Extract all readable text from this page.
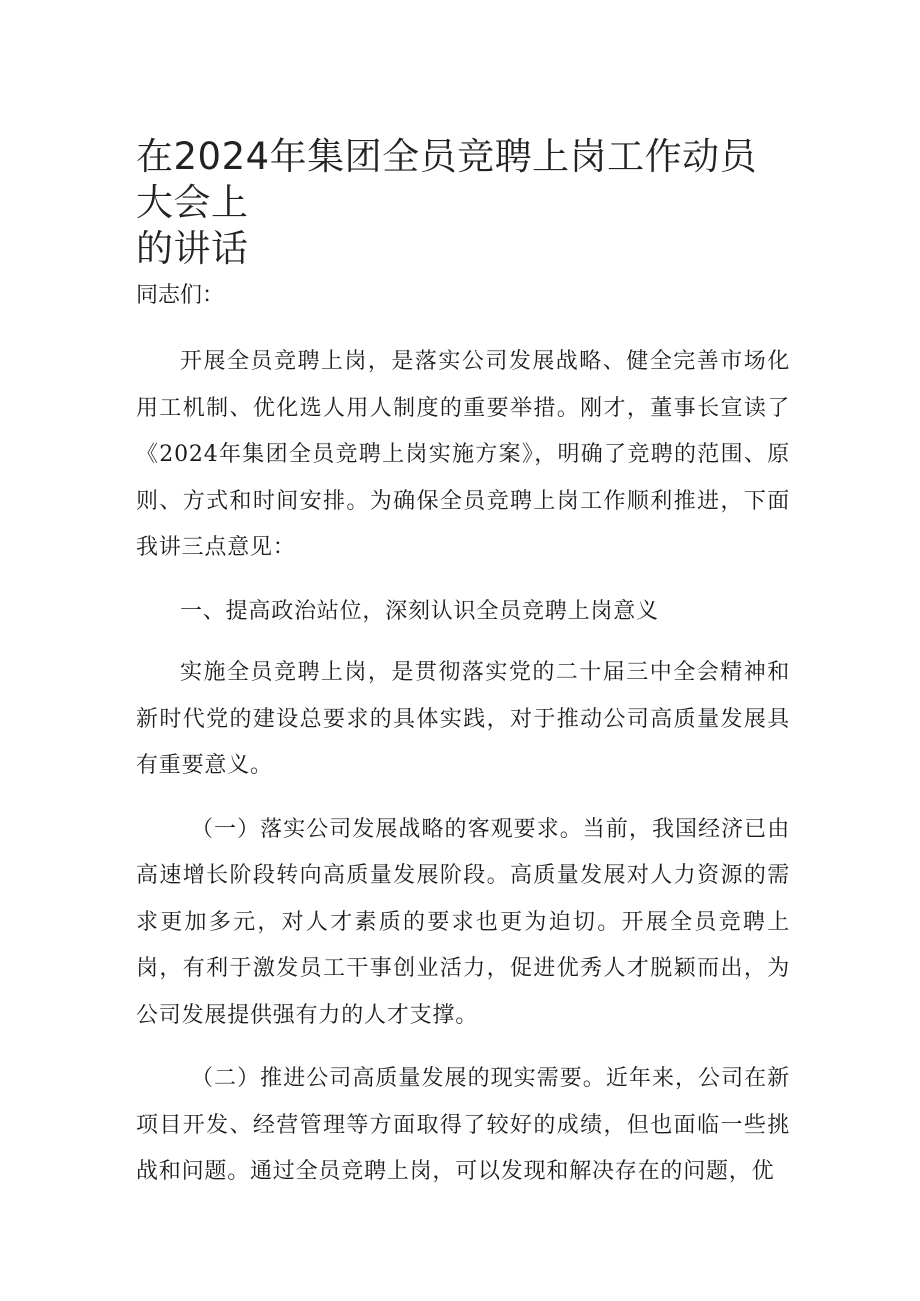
在2024年集团全员竞聘上岗工作动员大会上
的讲话

同志们：

开展全员竞聘上岗，是落实公司发展战略、健全完善市场化用工机制、优化选人用人制度的重要举措。刚才，董事长宣读了《2024年集团全员竞聘上岗实施方案》，明确了竞聘的范围、原则、方式和时间安排。为确保全员竞聘上岗工作顺利推进，下面我讲三点意见：

一、提高政治站位，深刻认识全员竞聘上岗意义

实施全员竞聘上岗，是贯彻落实党的二十届三中全会精神和新时代党的建设总要求的具体实践，对于推动公司高质量发展具有重要意义。

（一）落实公司发展战略的客观要求。当前，我国经济已由高速增长阶段转向高质量发展阶段。高质量发展对人力资源的需求更加多元，对人才素质的要求也更为迫切。开展全员竞聘上岗，有利于激发员工干事创业活力，促进优秀人才脱颖而出，为公司发展提供强有力的人才支撑。

（二）推进公司高质量发展的现实需要。近年来，公司在新项目开发、经营管理等方面取得了较好的成绩，但也面临一些挑战和问题。通过全员竞聘上岗，可以发现和解决存在的问题，优
